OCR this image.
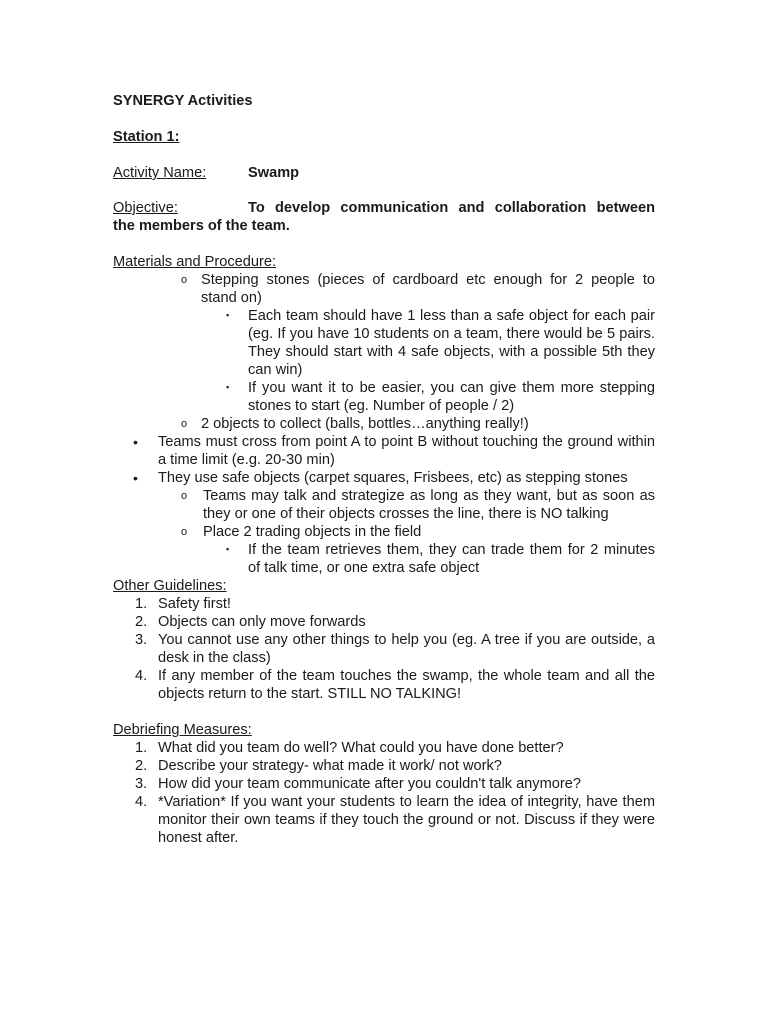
SYNERGY Activities
Station 1:
Activity Name:	Swamp
Objective:	To develop communication and collaboration between
the members of the team.
Materials and Procedure:
o Stepping stones (pieces of cardboard etc enough for 2 people to stand on)
▪	Each team should have 1 less than a safe object for each pair (eg. If you have 10 students on a team, there would be 5 pairs. They should start with 4 safe objects, with a possible 5th they can win)
▪	If you want it to be easier, you can give them more stepping stones to start (eg. Number of people / 2)
o 2 objects to collect (balls, bottles…anything really!)
•	Teams must cross from point A to point B without touching the ground within a time limit (e.g. 20-30 min)
•	They use safe objects (carpet squares, Frisbees, etc) as stepping stones
o	Teams may talk and strategize as long as they want, but as soon as they or one of their objects crosses the line, there is NO talking
o	Place 2 trading objects in the field
▪	If the team retrieves them, they can trade them for 2 minutes of talk time, or one extra safe object
Other Guidelines:
1. Safety first!
2. Objects can only move forwards
3. You cannot use any other things to help you (eg. A tree if you are outside, a desk in the class)
4. If any member of the team touches the swamp, the whole team and all the objects return to the start. STILL NO TALKING!
Debriefing Measures:
1. What did you team do well? What could you have done better?
2. Describe your strategy- what made it work/ not work?
3. How did your team communicate after you couldn't talk anymore?
4. *Variation* If you want your students to learn the idea of integrity, have them monitor their own teams if they touch the ground or not. Discuss if they were honest after.
